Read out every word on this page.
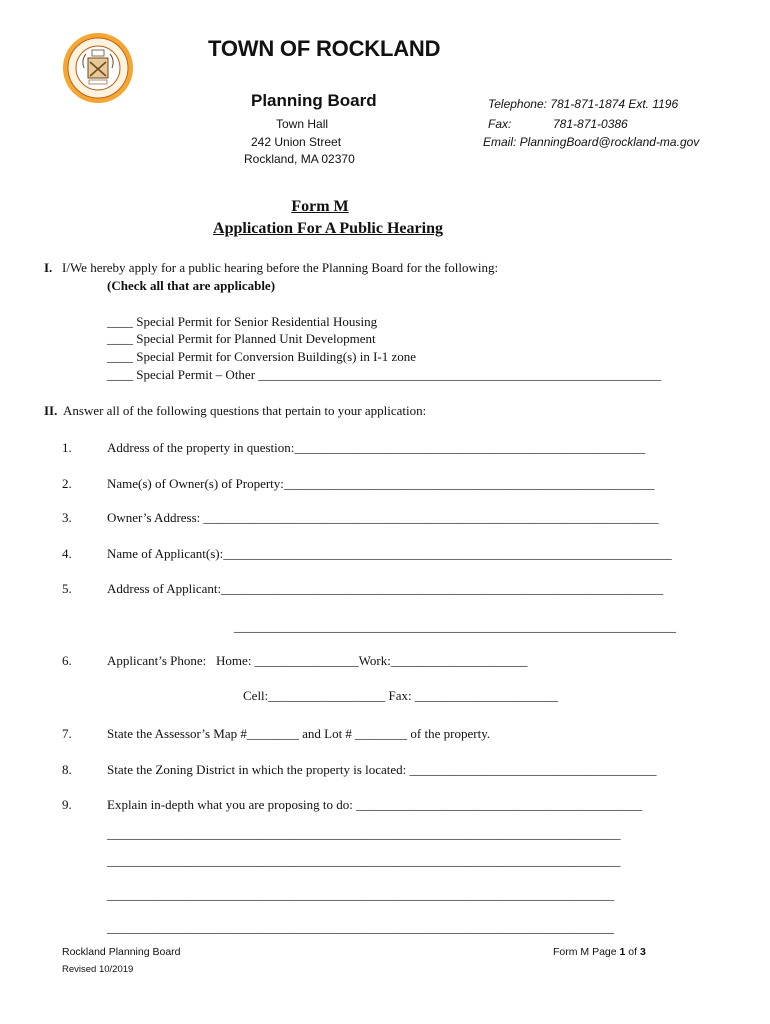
TOWN OF ROCKLAND
Planning Board
Town Hall
242 Union Street
Rockland, MA 02370
Telephone: 781-871-1874 Ext. 1196
Fax:	781-871-0386
Email: PlanningBoard@rockland-ma.gov
Form M
Application For A Public Hearing
I. I/We hereby apply for a public hearing before the Planning Board for the following:
(Check all that are applicable)
____ Special Permit for Senior Residential Housing
____ Special Permit for Planned Unit Development
____ Special Permit for Conversion Building(s) in I-1 zone
____ Special Permit – Other ______________________________________________________________
II. Answer all of the following questions that pertain to your application:
1.	Address of the property in question:______________________________________________________
2.	Name(s) of Owner(s) of Property:_________________________________________________________
3.	Owner’s Address: ______________________________________________________________________
4.	Name of Applicant(s):_____________________________________________________________________
5.	Address of Applicant:____________________________________________________________________
____________________________________________________________________
6.	Applicant’s Phone:   Home: ________________Work:_____________________
Cell:__________________ Fax: ______________________
7.	State the Assessor’s Map #________ and Lot # ________ of the property.
8.	State the Zoning District in which the property is located: ______________________________________
9.	Explain in-depth what you are proposing to do: ____________________________________________
_______________________________________________________________________________
_______________________________________________________________________________
______________________________________________________________________________
______________________________________________________________________________
Rockland Planning Board
Revised 10/2019
Form M Page 1 of 3
